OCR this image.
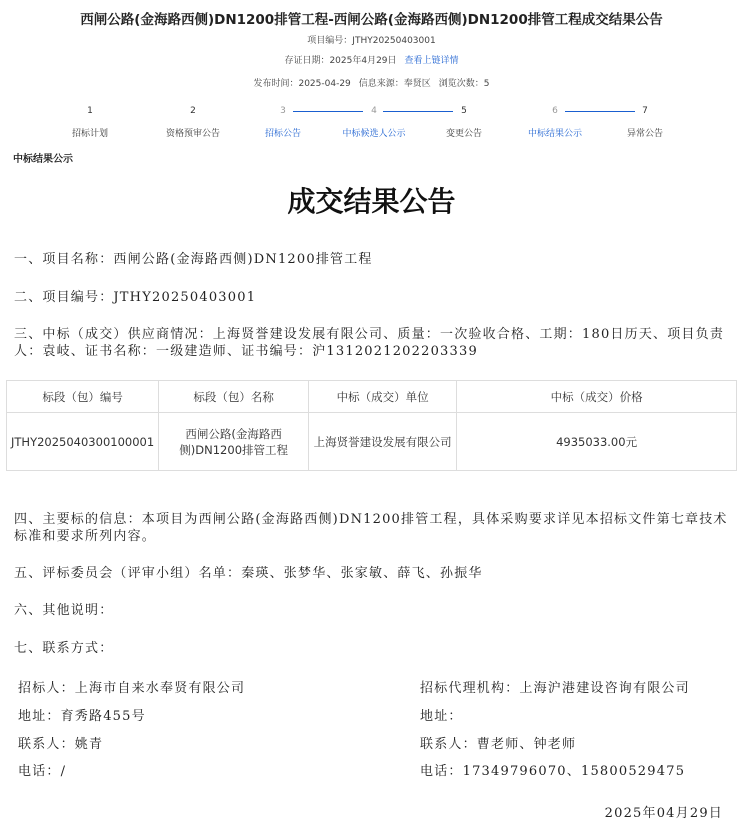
西闸公路(金海路西侧)DN1200排管工程-西闸公路(金海路西侧)DN1200排管工程成交结果公告
项目编号：JTHY20250403001
存证日期：2025年4月29日 查看上链详情
发布时间：2025-04-29 信息来源：奉贤区 浏览次数：5
1
招标计划
2
资格预审公告
3
招标公告
4
中标候选人公示
5
变更公告
6
中标结果公示
7
异常公告
中标结果公示
成交结果公告
一、项目名称：西闸公路(金海路西侧)DN1200排管工程
二、项目编号：JTHY20250403001
三、中标（成交）供应商情况：上海贤誉建设发展有限公司、质量：一次验收合格、工期：180日历天、项目负责人：袁岐、证书名称：一级建造师、证书编号：沪1312021202203339
标段（包）编号	标段（包）名称	中标（成交）单位	中标（成交）价格
JTHY2025040300100001	西闸公路(金海路西侧)DN1200排管工程	上海贤誉建设发展有限公司	4935033.00元
四、主要标的信息：本项目为西闸公路(金海路西侧)DN1200排管工程，具体采购要求详见本招标文件第七章技术标准和要求所列内容。
五、评标委员会（评审小组）名单：秦瑛、张梦华、张家敏、薛飞、孙振华
六、其他说明：
七、联系方式：
招标人：上海市自来水奉贤有限公司
地址：育秀路455号
联系人：姚青
电话：/
招标代理机构：上海沪港建设咨询有限公司
地址：
联系人：曹老师、钟老师
电话：17349796070、15800529475
2025年04月29日
